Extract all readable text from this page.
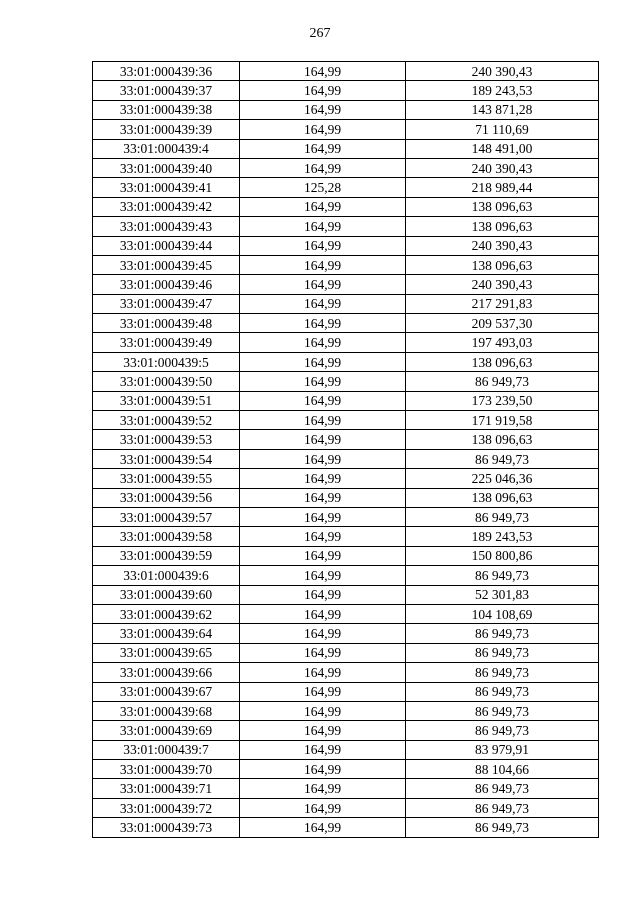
267
33:01:000439:36	164,99	240 390,43
33:01:000439:37	164,99	189 243,53
33:01:000439:38	164,99	143 871,28
33:01:000439:39	164,99	71 110,69
33:01:000439:4	164,99	148 491,00
33:01:000439:40	164,99	240 390,43
33:01:000439:41	125,28	218 989,44
33:01:000439:42	164,99	138 096,63
33:01:000439:43	164,99	138 096,63
33:01:000439:44	164,99	240 390,43
33:01:000439:45	164,99	138 096,63
33:01:000439:46	164,99	240 390,43
33:01:000439:47	164,99	217 291,83
33:01:000439:48	164,99	209 537,30
33:01:000439:49	164,99	197 493,03
33:01:000439:5	164,99	138 096,63
33:01:000439:50	164,99	86 949,73
33:01:000439:51	164,99	173 239,50
33:01:000439:52	164,99	171 919,58
33:01:000439:53	164,99	138 096,63
33:01:000439:54	164,99	86 949,73
33:01:000439:55	164,99	225 046,36
33:01:000439:56	164,99	138 096,63
33:01:000439:57	164,99	86 949,73
33:01:000439:58	164,99	189 243,53
33:01:000439:59	164,99	150 800,86
33:01:000439:6	164,99	86 949,73
33:01:000439:60	164,99	52 301,83
33:01:000439:62	164,99	104 108,69
33:01:000439:64	164,99	86 949,73
33:01:000439:65	164,99	86 949,73
33:01:000439:66	164,99	86 949,73
33:01:000439:67	164,99	86 949,73
33:01:000439:68	164,99	86 949,73
33:01:000439:69	164,99	86 949,73
33:01:000439:7	164,99	83 979,91
33:01:000439:70	164,99	88 104,66
33:01:000439:71	164,99	86 949,73
33:01:000439:72	164,99	86 949,73
33:01:000439:73	164,99	86 949,73
